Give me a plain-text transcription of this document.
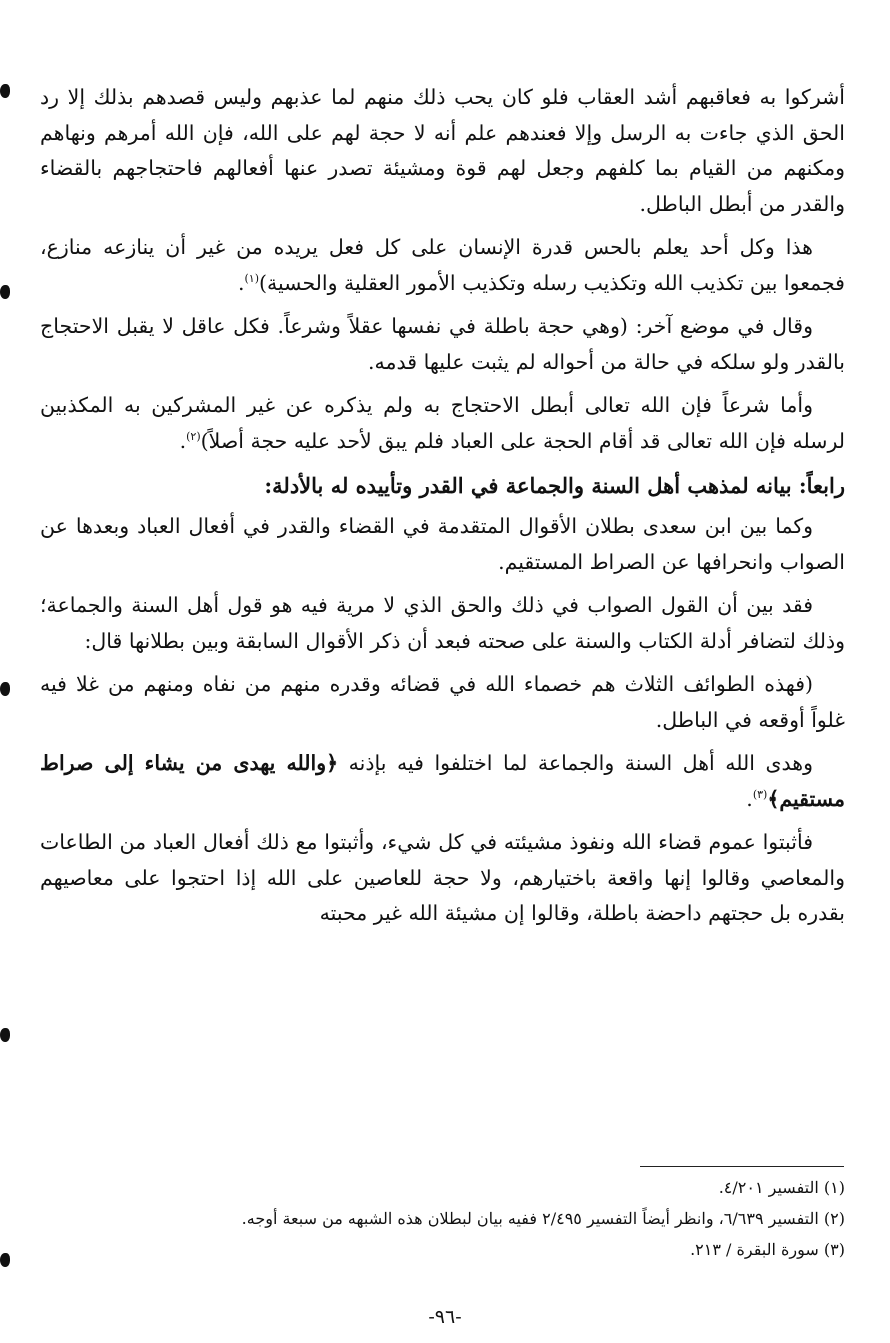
أشركوا به فعاقبهم أشد العقاب فلو كان يحب ذلك منهم لما عذبهم وليس قصدهم بذلك إلا رد الحق الذي جاءت به الرسل وإلا فعندهم علم أنه لا حجة لهم على الله، فإن الله أمرهم ونهاهم ومكنهم من القيام بما كلفهم وجعل لهم قوة ومشيئة تصدر عنها أفعالهم فاحتجاجهم بالقضاء والقدر من أبطل الباطل.

هذا وكل أحد يعلم بالحس قدرة الإنسان على كل فعل يريده من غير أن ينازعه منازع، فجمعوا بين تكذيب الله وتكذيب رسله وتكذيب الأمور العقلية والحسية)$^{(١)}$.

وقال في موضع آخر: (وهي حجة باطلة في نفسها عقلاً وشرعاً. فكل عاقل لا يقبل الاحتجاج بالقدر ولو سلكه في حالة من أحواله لم يثبت عليها قدمه.

وأما شرعاً فإن الله تعالى أبطل الاحتجاج به ولم يذكره عن غير المشركين به المكذبين لرسله فإن الله تعالى قد أقام الحجة على العباد فلم يبق لأحد عليه حجة أصلاً)$^{(٢)}$.

رابعاً: بيانه لمذهب أهل السنة والجماعة في القدر وتأييده له بالأدلة:

وكما بين ابن سعدى بطلان الأقوال المتقدمة في القضاء والقدر في أفعال العباد وبعدها عن الصواب وانحرافها عن الصراط المستقيم.

فقد بين أن القول الصواب في ذلك والحق الذي لا مرية فيه هو قول أهل السنة والجماعة؛ وذلك لتضافر أدلة الكتاب والسنة على صحته فبعد أن ذكر الأقوال السابقة وبين بطلانها قال:

(فهذه الطوائف الثلاث هم خصماء الله في قضائه وقدره منهم من نفاه ومنهم من غلا فيه غلواً أوقعه في الباطل.

وهدى الله أهل السنة والجماعة لما اختلفوا فيه بإذنه ﴿والله يهدى من يشاء إلى صراط مستقيم﴾$^{(٣)}$.

فأثبتوا عموم قضاء الله ونفوذ مشيئته في كل شيء، وأثبتوا مع ذلك أفعال العباد من الطاعات والمعاصي وقالوا إنها واقعة باختيارهم، ولا حجة للعاصين على الله إذا احتجوا على معاصيهم بقدره بل حجتهم داحضة باطلة، وقالوا إن مشيئة الله غير محبته

(١) التفسير ٤/٢٠١.
(٢) التفسير ٦/٦٣٩، وانظر أيضاً التفسير ٢/٤٩٥ ففيه بيان لبطلان هذه الشبهه من سبعة أوجه.
(٣) سورة البقرة / ٢١٣.
-٩٦-
